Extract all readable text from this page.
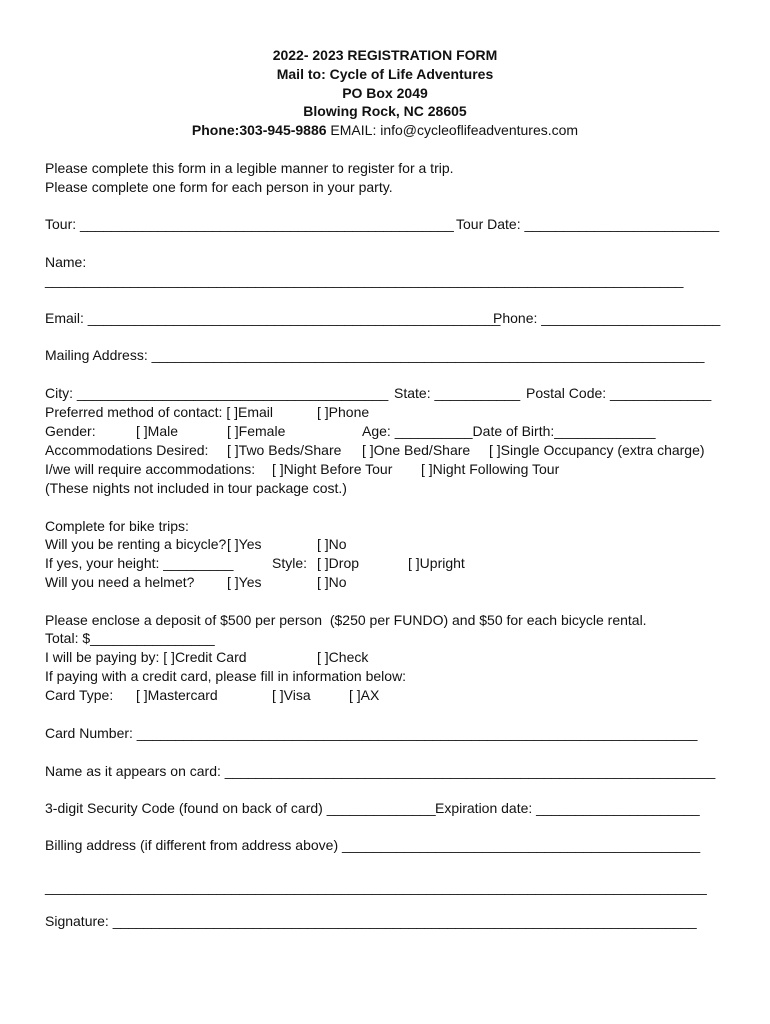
2022- 2023 REGISTRATION FORM
Mail to: Cycle of Life Adventures
PO Box 2049
Blowing Rock, NC 28605
Phone:303-945-9886 EMAIL: info@cycleoflifeadventures.com
Please complete this form in a legible manner to register for a trip.
Please complete one form for each person in your party.
Tour: ________________________________________________ Tour Date: _________________________
Name:
__________________________________________________________________________________
Email: _____________________________________________________
Phone: _______________________
Mailing Address: _______________________________________________________________________
City: ________________________________________ State: ___________ Postal Code: _____________
Preferred method of contact: [ ]Email	[ ]Phone
Gender:	[ ]Male	[ ]Female	Age: __________Date of Birth:_____________
Accommodations Desired: [ ]Two Beds/Share [ ]One Bed/Share [ ]Single Occupancy (extra charge)
I/we will require accommodations: [ ]Night Before Tour [ ]Night Following Tour
(These nights not included in tour package cost.)
Complete for bike trips:
Will you be renting a bicycle? [ ]Yes	[ ]No
If yes, your height: _________	Style: [ ]Drop	[ ]Upright
Will you need a helmet? [ ]Yes	[ ]No
Please enclose a deposit of $500 per person  ($250 per FUNDO) and $50 for each bicycle rental.
Total: $________________
I will be paying by: [ ]Credit Card	[ ]Check
If paying with a credit card, please fill in information below:
Card Type: [ ]Mastercard	[ ]Visa	[ ]AX
Card Number: ________________________________________________________________________
Name as it appears on card: _______________________________________________________________
3-digit Security Code (found on back of card) ______________ Expiration date: _____________________
Billing address (if different from address above) ______________________________________________
_____________________________________________________________________________________
Signature: ___________________________________________________________________________
